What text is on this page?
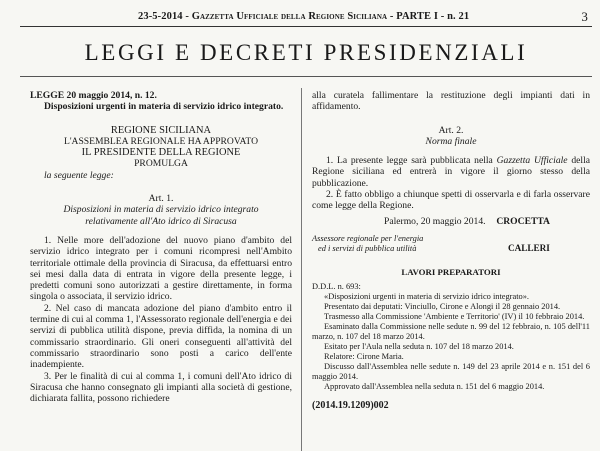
23-5-2014 - Gazzetta Ufficiale della Regione Siciliana - PARTE I - n. 21	3
LEGGI E DECRETI PRESIDENZIALI

LEGGE 20 maggio 2014, n. 12.

Disposizioni urgenti in materia di servizio idrico integrato.

REGIONE SICILIANA

L'ASSEMBLEA REGIONALE HA APPROVATO

IL PRESIDENTE DELLA REGIONE

PROMULGA

la seguente legge:

Art. 1.

Disposizioni in materia di servizio idrico integrato

relativamente all'Ato idrico di Siracusa

1. Nelle more dell'adozione del nuovo piano d'ambito del servizio idrico integrato per i comuni ricompresi nell'Ambito territoriale ottimale della provincia di Siracusa, da effettuarsi entro sei mesi dalla data di entrata in vigore della presente legge, i predetti comuni sono autorizzati a gestire direttamente, in forma singola o associata, il servizio idrico.

2. Nel caso di mancata adozione del piano d'ambito entro il termine di cui al comma 1, l'Assessorato regionale dell'energia e dei servizi di pubblica utilità dispone, previa diffida, la nomina di un commissario straordinario. Gli oneri conseguenti all'attività del commissario straordinario sono posti a carico dell'ente inadempiente.

3. Per le finalità di cui al comma 1, i comuni dell'Ato idrico di Siracusa che hanno consegnato gli impianti alla società di gestione, dichiarata fallita, possono richiedere

alla curatela fallimentare la restituzione degli impianti dati in affidamento.

Art. 2.

Norma finale

1. La presente legge sarà pubblicata nella Gazzetta Ufficiale della Regione siciliana ed entrerà in vigore il giorno stesso della pubblicazione.

2. È fatto obbligo a chiunque spetti di osservarla e di farla osservare come legge della Regione.

Palermo, 20 maggio 2014. CROCETTA
Assessore regionale per l'energia
ed i servizi di pubblica utilità	CALLERI

LAVORI PREPARATORI

D.D.L. n. 693:

«Disposizioni urgenti in materia di servizio idrico integrato».

Presentato dai deputati: Vinciullo, Cirone e Alongi il 28 gennaio 2014.

Trasmesso alla Commissione 'Ambiente e Territorio' (IV) il 10 febbraio 2014.

Esaminato dalla Commissione nelle sedute n. 99 del 12 febbraio, n. 105 dell'11 marzo, n. 107 del 18 marzo 2014.

Esitato per l'Aula nella seduta n. 107 del 18 marzo 2014.

Relatore: Cirone Maria.

Discusso dall'Assemblea nelle sedute n. 149 del 23 aprile 2014 e n. 151 del 6 maggio 2014.

Approvato dall'Assemblea nella seduta n. 151 del 6 maggio 2014.

(2014.19.1209)002
